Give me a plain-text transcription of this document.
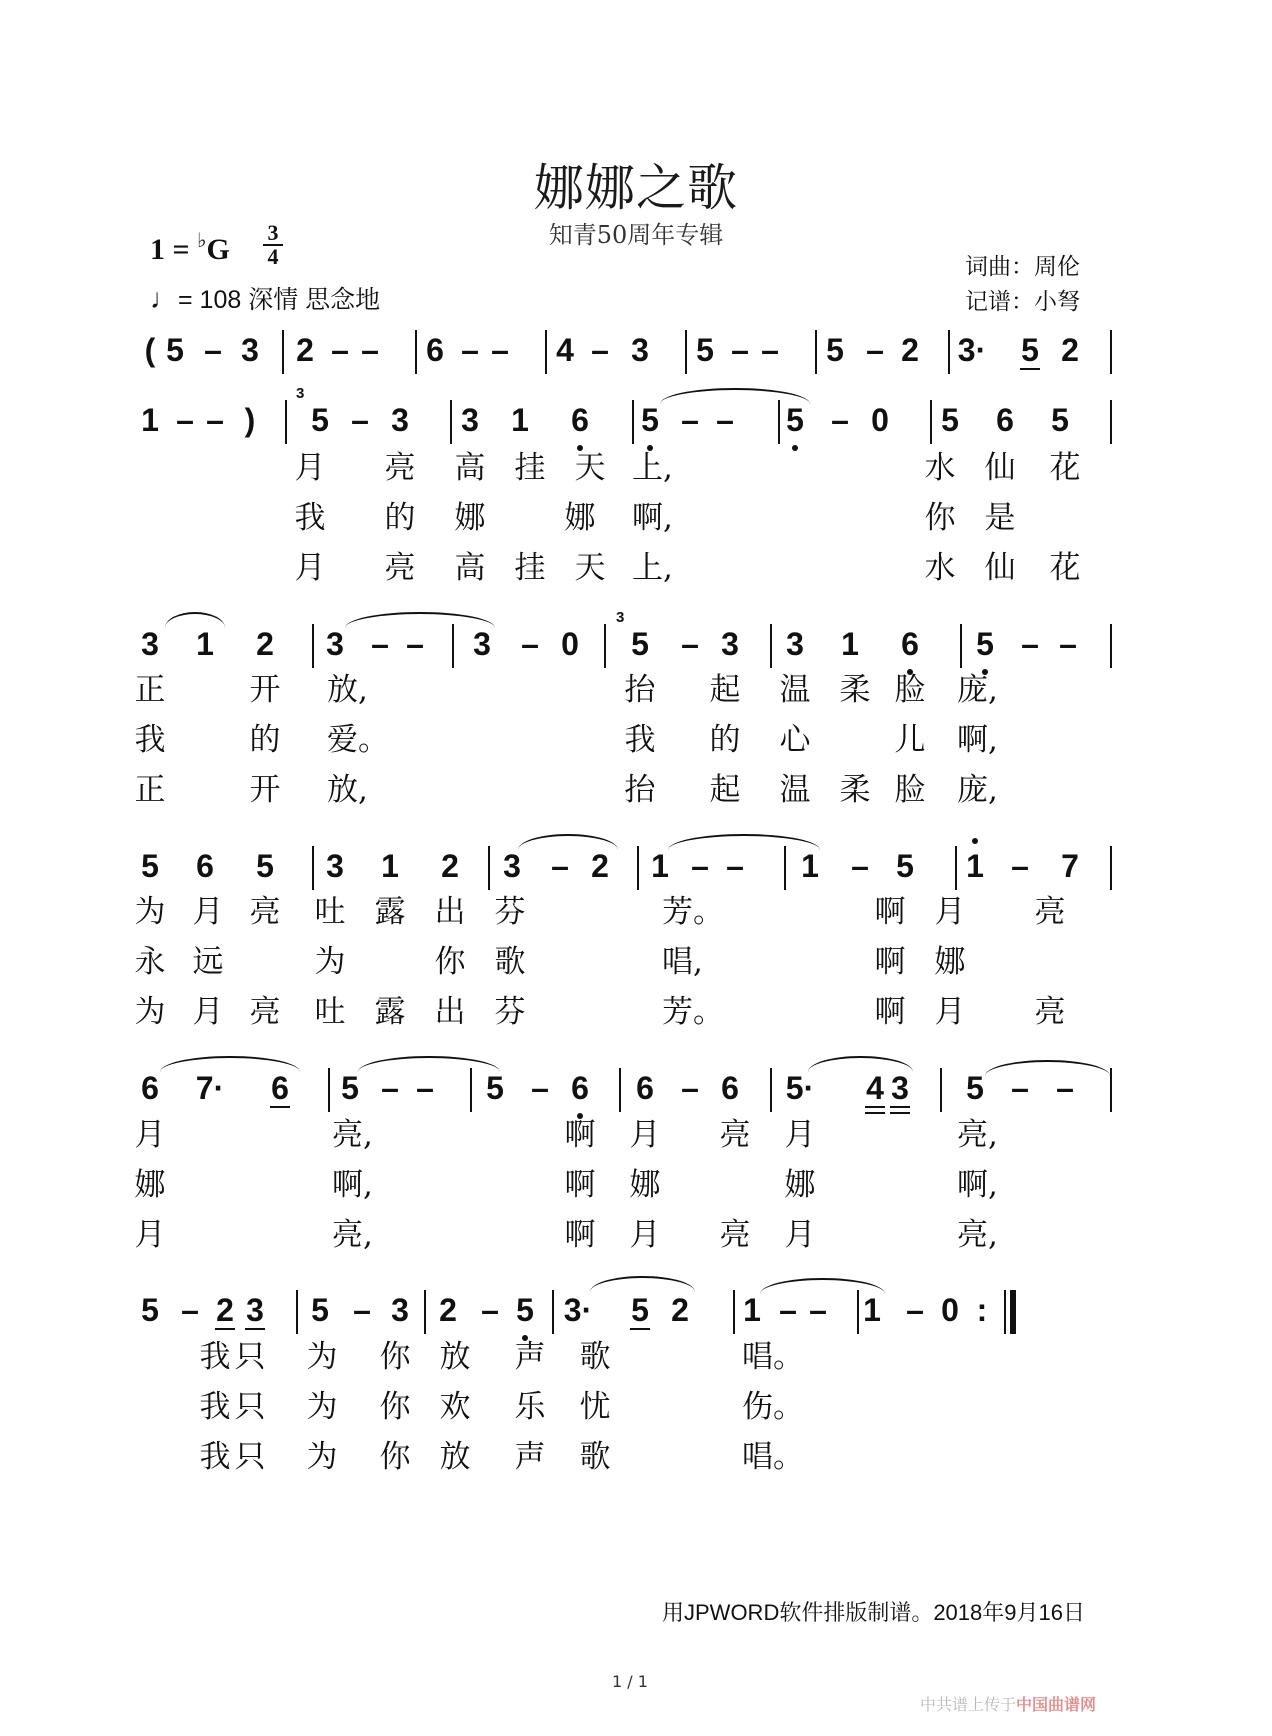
娜娜之歌
知青50周年专辑
1 = ♭G
3
4
♩= 108 深情 思念地
词曲：周伦
记谱：小弩
( 5 – 3 2 – – 6 – – 4 – 3 5 – – 5 – 2 3· 5 2
1 – – )	5
3
– 3 3 1 6 5 – – 5 – 0 5 6 5
月 亮 高 挂 天 上,	水 仙 花
我 的 娜	娜 啊,	你 是
月 亮 高 挂 天 上,	水 仙 花
3 1 2 3 – – 3 – 0 5
3
– 3 3 1 6 5 – –
正	开 放,	抬 起 温 柔 脸 庞,
我	的 爱。	我 的 心	儿 啊,
正	开 放,	抬 起 温 柔 脸 庞,
5 6 5 3 1 2 3 – 2 1 – – 1 – 5 1 – 7
为 月 亮 吐 露 出 芬	芳。	啊 月 亮
永 远	为	你 歌	唱,	啊 娜
为 月 亮 吐 露 出 芬	芳。	啊 月 亮
6 7· 6 5 – – 5 – 6 6 – 6 5· 4 3 5 – –
月	亮,	啊 月 亮 月	亮,
娜	啊,	啊 娜	娜	啊,
月	亮,	啊 月 亮 月	亮,
5 – 2 3 5 – 3 2 – 5 3· 5 2 1 – – 1 – 0 :
我 只 为 你 放 声 歌	唱。
我 只 为 你 欢 乐 忧	伤。
我 只 为 你 放 声 歌	唱。
用JPWORD软件排版制谱。2018年9月16日
1 / 1
中共谱上传于中国曲谱网
